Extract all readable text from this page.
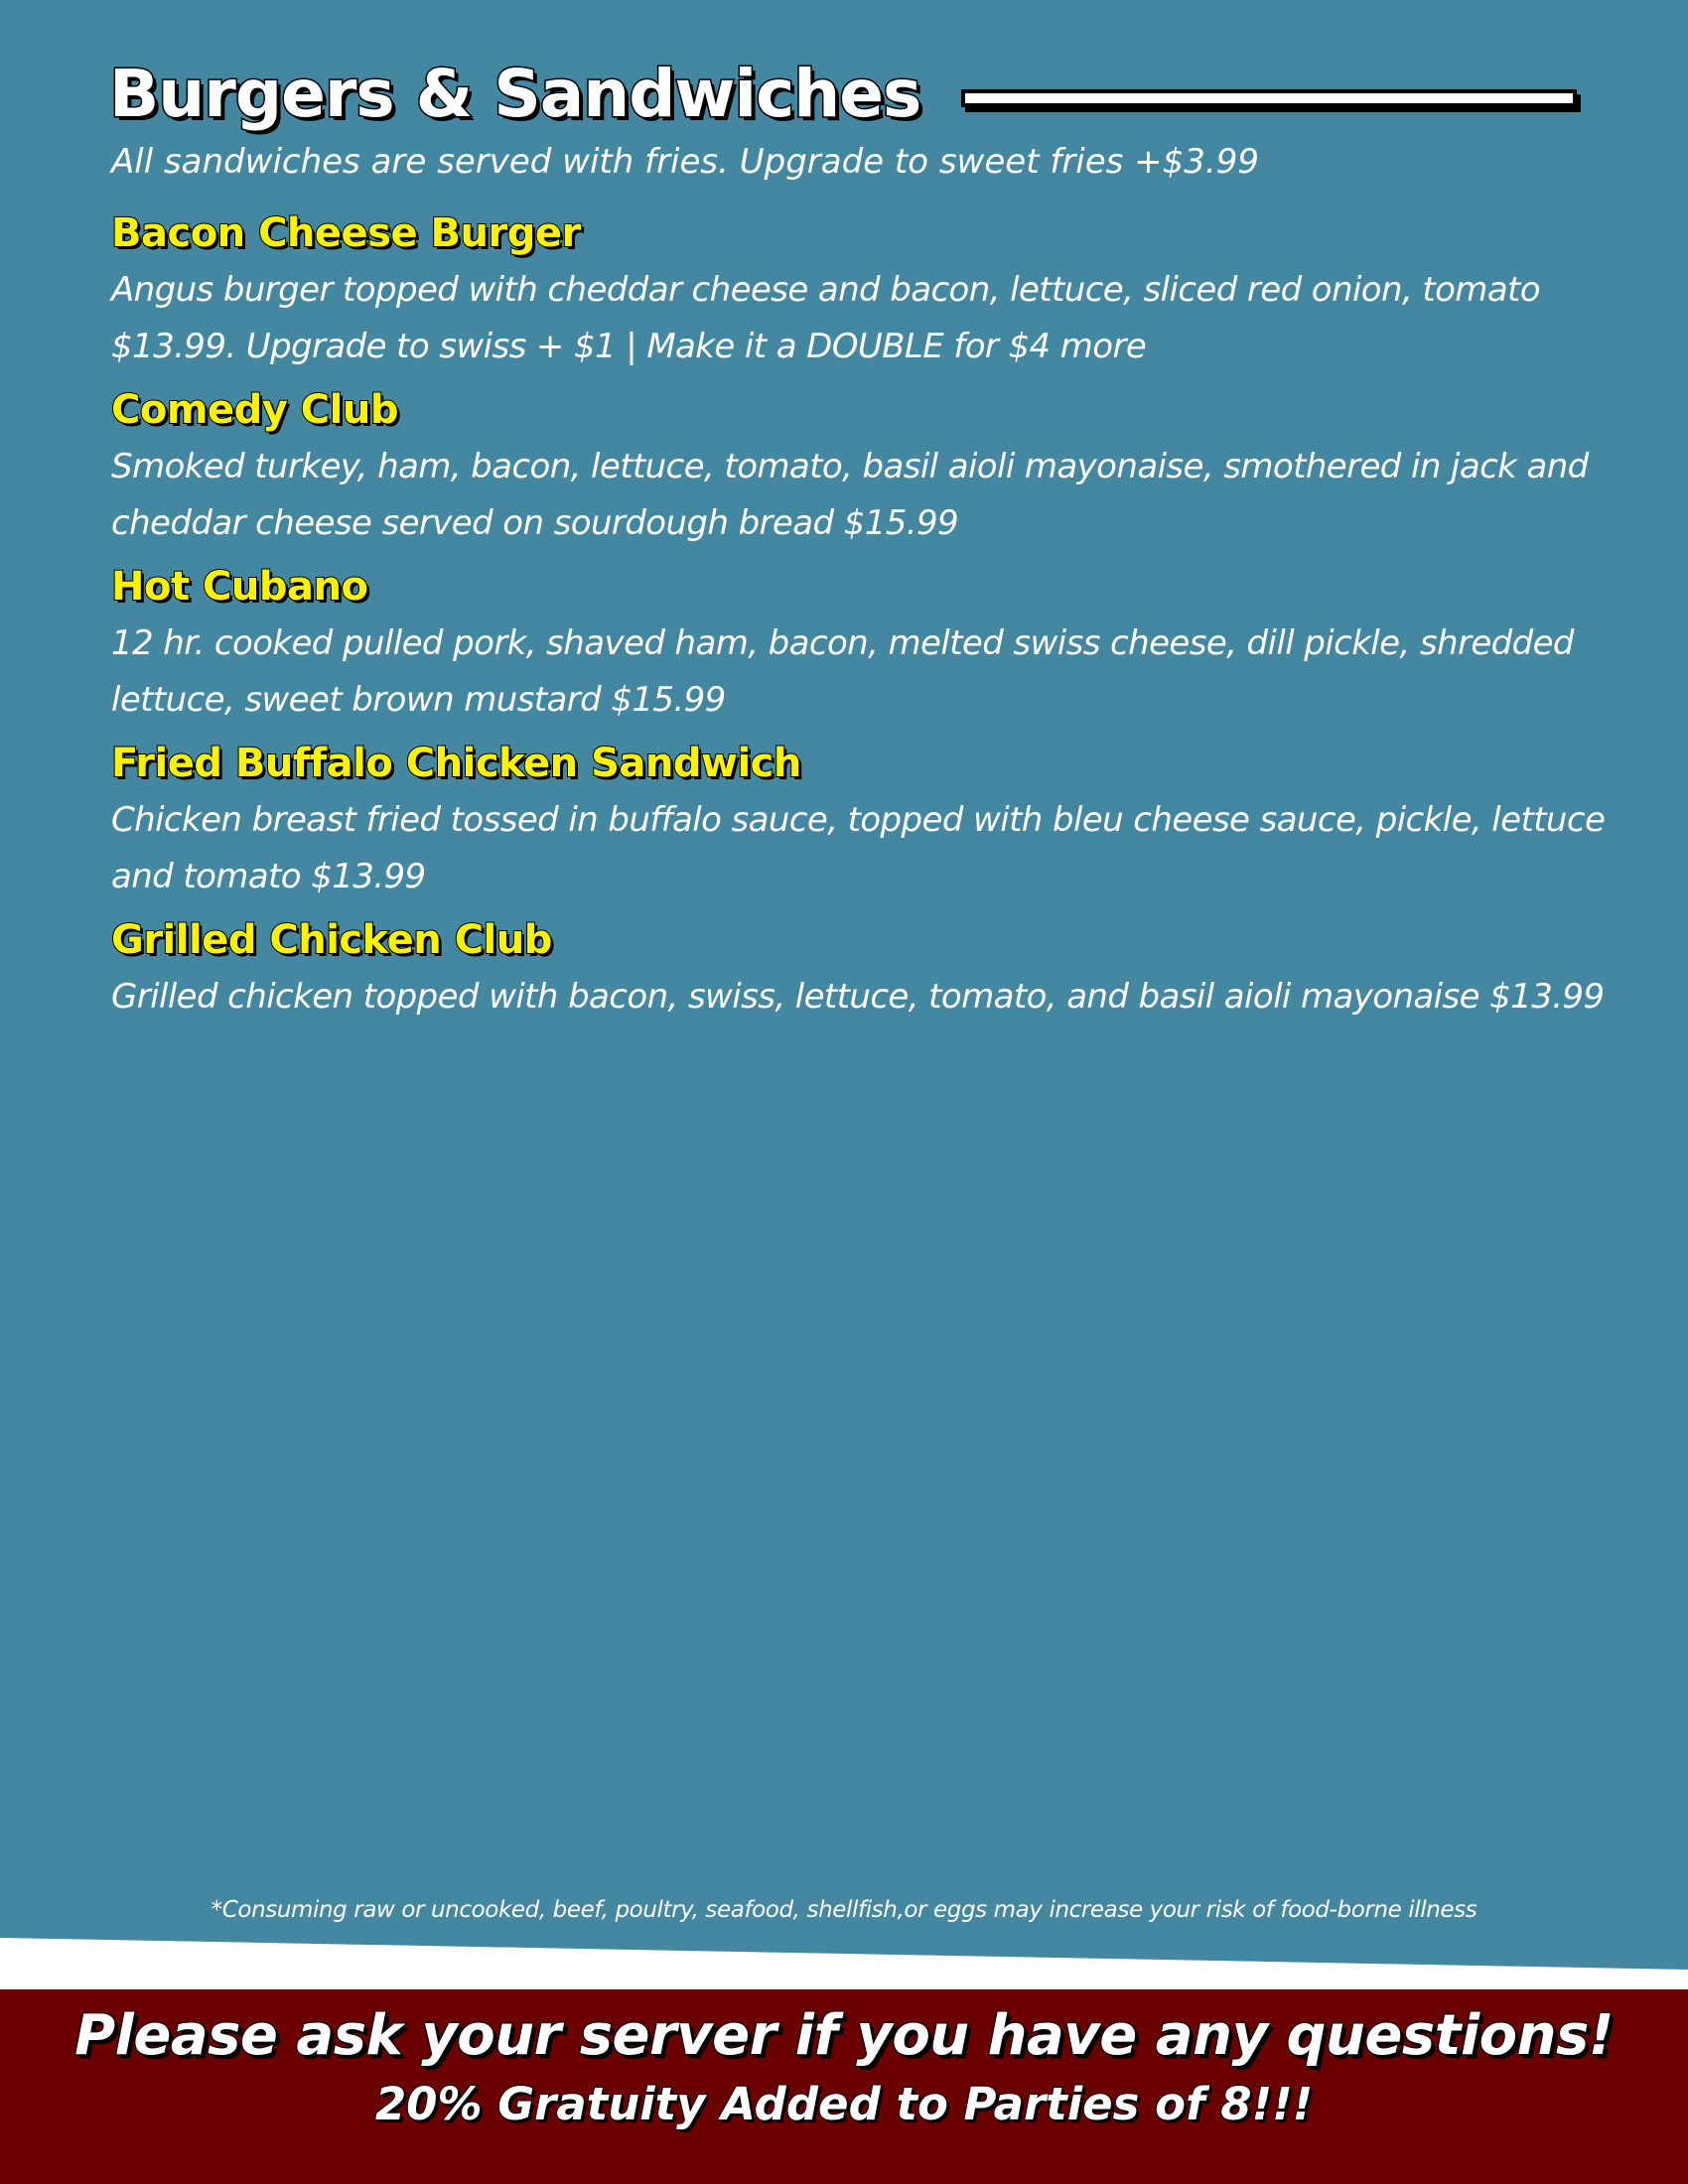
Burgers & Sandwiches

All sandwiches are served with fries. Upgrade to sweet fries +$3.99

Bacon Cheese Burger

Angus burger topped with cheddar cheese and bacon, lettuce, sliced red onion, tomato $13.99. Upgrade to swiss + $1 | Make it a DOUBLE for $4 more

Comedy Club

Smoked turkey, ham, bacon, lettuce, tomato, basil aioli mayonaise, smothered in jack and cheddar cheese served on sourdough bread $15.99

Hot Cubano

12 hr. cooked pulled pork, shaved ham, bacon, melted swiss cheese, dill pickle, shredded lettuce, sweet brown mustard $15.99

Fried Buffalo Chicken Sandwich

Chicken breast fried tossed in buffalo sauce, topped with bleu cheese sauce, pickle, lettuce and tomato $13.99

Grilled Chicken Club

Grilled chicken topped with bacon, swiss, lettuce, tomato, and basil aioli mayonaise $13.99

*Consuming raw or uncooked, beef, poultry, seafood, shellfish,or eggs may increase your risk of food-borne illness

Please ask your server if you have any questions!

20% Gratuity Added to Parties of 8!!!
